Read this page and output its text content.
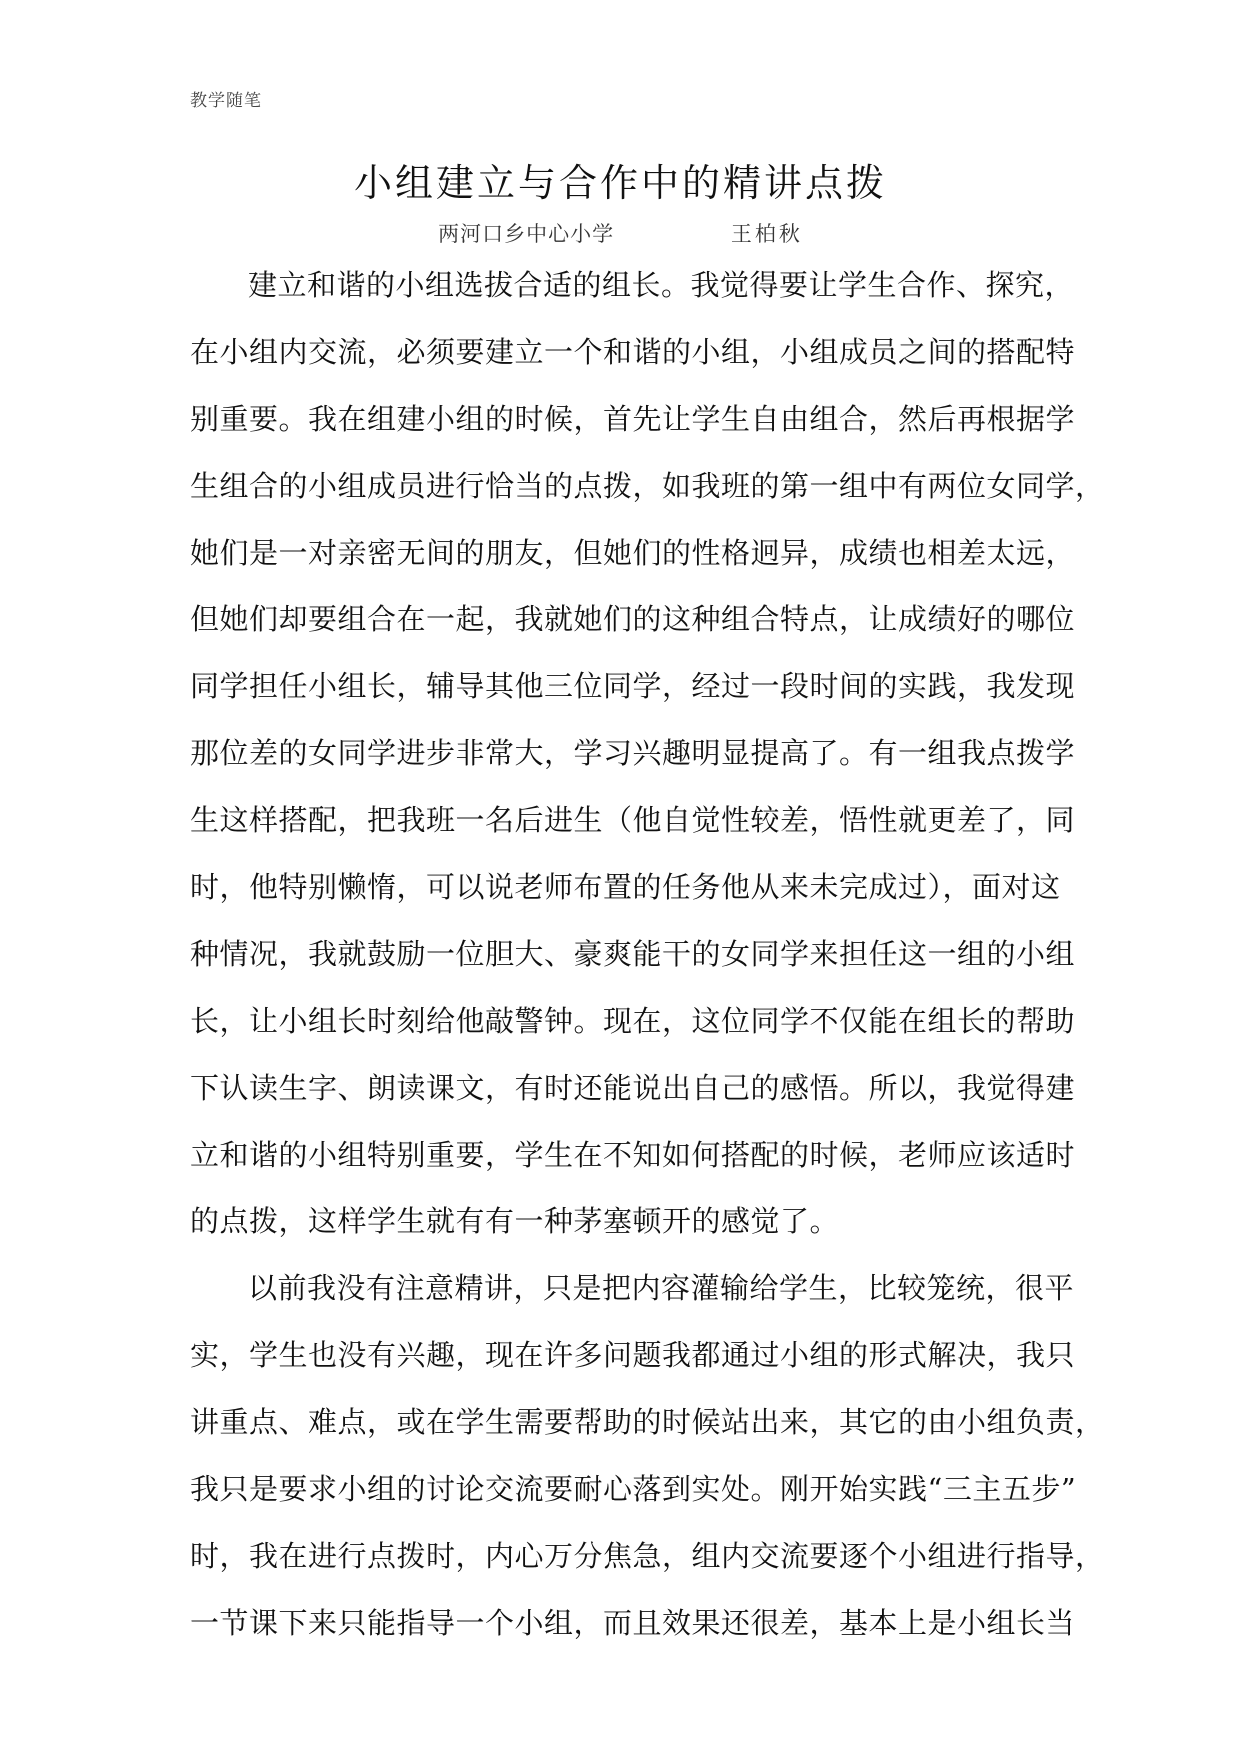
教学随笔
小组建立与合作中的精讲点拨
两河口乡中心小学	王柏秋
建立和谐的小组选拔合适的组长。我觉得要让学生合作、探究，
在小组内交流，必须要建立一个和谐的小组，小组成员之间的搭配特
别重要。我在组建小组的时候，首先让学生自由组合，然后再根据学
生组合的小组成员进行恰当的点拨，如我班的第一组中有两位女同学，
她们是一对亲密无间的朋友，但她们的性格迥异，成绩也相差太远，
但她们却要组合在一起，我就她们的这种组合特点，让成绩好的哪位
同学担任小组长，辅导其他三位同学，经过一段时间的实践，我发现
那位差的女同学进步非常大，学习兴趣明显提高了。有一组我点拨学
生这样搭配，把我班一名后进生（他自觉性较差，悟性就更差了，同
时，他特别懒惰，可以说老师布置的任务他从来未完成过），面对这
种情况，我就鼓励一位胆大、豪爽能干的女同学来担任这一组的小组
长，让小组长时刻给他敲警钟。现在，这位同学不仅能在组长的帮助
下认读生字、朗读课文，有时还能说出自己的感悟。所以，我觉得建
立和谐的小组特别重要，学生在不知如何搭配的时候，老师应该适时
的点拨，这样学生就有有一种茅塞顿开的感觉了。
以前我没有注意精讲，只是把内容灌输给学生，比较笼统，很平
实，学生也没有兴趣，现在许多问题我都通过小组的形式解决，我只
讲重点、难点，或在学生需要帮助的时候站出来，其它的由小组负责，
我只是要求小组的讨论交流要耐心落到实处。刚开始实践“三主五步”
时，我在进行点拨时，内心万分焦急，组内交流要逐个小组进行指导，
一节课下来只能指导一个小组，而且效果还很差，基本上是小组长当
